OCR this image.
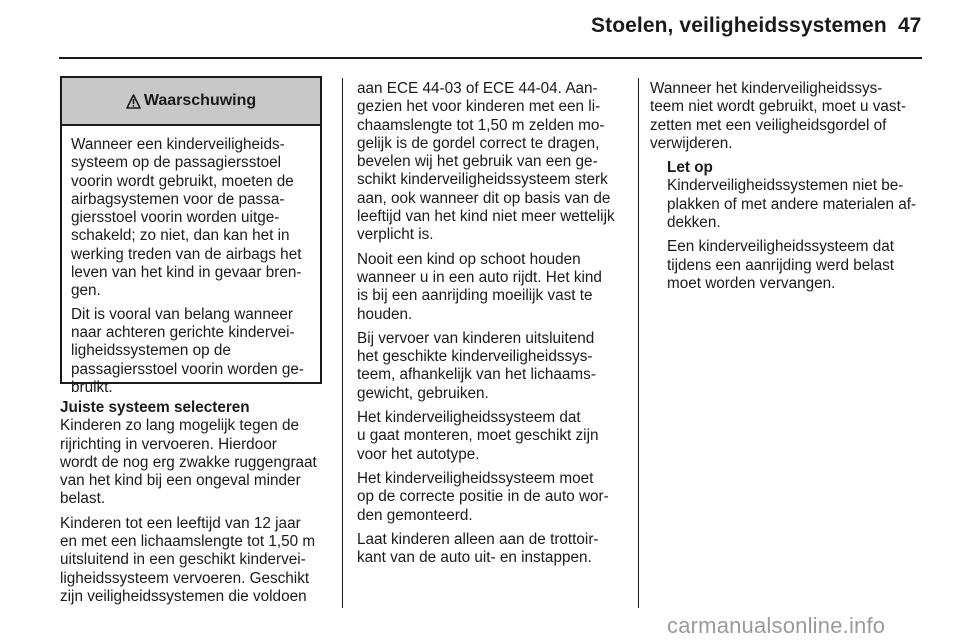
Stoelen, veiligheidssystemen 47
Waarschuwing

Wanneer een kinderveiligheids-
systeem op de passagiersstoel
voorin wordt gebruikt, moeten de
airbagsystemen voor de passa-
giersstoel voorin worden uitge-
schakeld; zo niet, dan kan het in
werking treden van de airbags het
leven van het kind in gevaar bren-
gen.

Dit is vooral van belang wanneer
naar achteren gerichte kindervei-
ligheidssystemen op de
passagiersstoel voorin worden ge-
bruikt.

Juiste systeem selecteren

Kinderen zo lang mogelijk tegen de
rijrichting in vervoeren. Hierdoor
wordt de nog erg zwakke ruggengraat
van het kind bij een ongeval minder
belast.

Kinderen tot een leeftijd van 12 jaar
en met een lichaamslengte tot 1,50 m
uitsluitend in een geschikt kindervei-
ligheidssysteem vervoeren. Geschikt
zijn veiligheidssystemen die voldoen

aan ECE 44-03 of ECE 44-04. Aan-
gezien het voor kinderen met een li-
chaamslengte tot 1,50 m zelden mo-
gelijk is de gordel correct te dragen,
bevelen wij het gebruik van een ge-
schikt kinderveiligheidssysteem sterk
aan, ook wanneer dit op basis van de
leeftijd van het kind niet meer wettelijk
verplicht is.

Nooit een kind op schoot houden
wanneer u in een auto rijdt. Het kind
is bij een aanrijding moeilijk vast te
houden.

Bij vervoer van kinderen uitsluitend
het geschikte kinderveiligheidssys-
teem, afhankelijk van het lichaams-
gewicht, gebruiken.

Het kinderveiligheidssysteem dat
u gaat monteren, moet geschikt zijn
voor het autotype.

Het kinderveiligheidssysteem moet
op de correcte positie in de auto wor-
den gemonteerd.

Laat kinderen alleen aan de trottoir-
kant van de auto uit- en instappen.

Wanneer het kinderveiligheidssys-
teem niet wordt gebruikt, moet u vast-
zetten met een veiligheidsgordel of
verwijderen.

Let op

Kinderveiligheidssystemen niet be-
plakken of met andere materialen af-
dekken.

Een kinderveiligheidssysteem dat
tijdens een aanrijding werd belast
moet worden vervangen.

carmanualsonline.info
